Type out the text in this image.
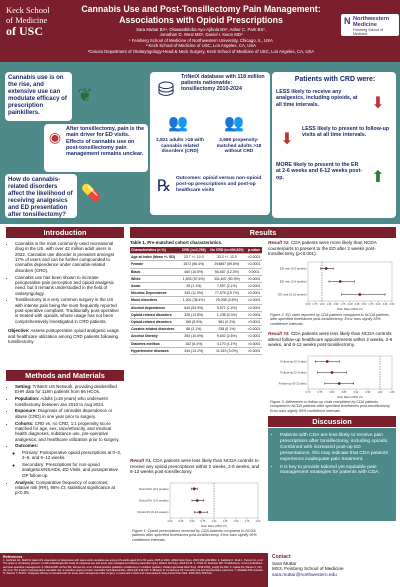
Keck School
of Medicine
of USC
Cannabis Use and Post-Tonsillectomy Pain Management:
Associations with Opioid Prescriptions
Sara Muttar BA¹, Oluwatobiloba Ayo-Ajibola BS², Asher C. Park BS²,
Jonathan D. West MD³, Daniel I. Kwon MD³
¹ Feinberg School of Medicine of Northwestern University, Chicago, IL, USA
² Keck School of Medicine of USC, Los Angeles, CA, USA
³Caruso Department of Otolaryngology-Head & Neck Surgery, Keck School of Medicine of USC, Los Angeles, CA, USA
N Northwestern Medicine
Feinberg School of Medicine
Cannabis use is on the rise, and extensive use can modulate efficacy of prescription painkillers.
❦
◉ After tonsillectomy, pain is the main driver for ED visits. Effects of cannabis use on post-tonsillectomy pain management remains unclear.
How do cannabis-related disorders affect the likelihood of receiving analgesics and ED presentation after tonsillectomy?
💊
⛁
TriNetX database with 118 million patients nationwide: tonsillectomy 2010-2024
👥	👥
2,821 adults >18 with cannabis related disorders (CRD)
2,695 propensity-matched adults >18 without CRD
℞ Outcomes: opioid versus non-opioid post-op prescriptions and post-op healthcare visits
Patients with CRD were:
LESS likely to receive any analgesics, including opioids, at all time intervals.	⬇
⬇
LESS likely to present to follow-up visits at all time intervals.
MORE likely to present to the ER at 2-6 weeks and 6-12 weeks post-op.	⬆
Introduction
• Cannabis is the most commonly used recreational drug in the US, with over 42 million adult users in 2022. Cannabis use disorder is prevalent amongst 17% of users and can be further compounded to cannabis dependence under cannabis-related disorders (CRD).
• Cannabis use has been shown to increase perioperative pain perception and opioid analgesic need, but it remains understudied in the field of otolaryngology.
• Tonsillectomy is a very common surgery in the US with intense pain being the most frequently reported post-operative complaint. Traditionally post-operative is treated with opioids, whose usage has not been comprehensively investigated in CRD patients.
Objective: Assess postoperative opioid analgesic usage and healthcare utilization among CRD patients following tonsillectomy.
Methods and Materials
• Setting: TriNetX US Network, providing deidentified EHR data for 118m patients from 66 HCOs.
• Population: Adults (≥18 years) who underwent tonsillectomy between Jan 2010 to Aug 2024.
• Exposure: Diagnosis of cannabis dependence or abuse (CRD) in one year prior to surgery.
• Cohorts: CRD vs. no CRD; 1:1 propensity score matched for age, sex, race/ethnicity, and medical health diagnoses, substance use, pre-operative analgesics, and healthcare utilization prior to surgery.
• Outcomes:
◦ Primary: Postoperative opioid prescriptions at 0–2, 2–6, and 6–12 weeks.
◦ Secondary: Prescriptions for non-opioid analgesics/NSAIDs, ED Visits, and postoperative OP follow-up.
• Analysis: Comparative frequency of outcomes; relative risk (RR), 95% CI; statistical significance at p<0.05.
Results
Table 1. Pre-matched cohort characteristics.
Characteristics (n %)	CRD (n=2,789)	No CRD (n=494,520)	p-value
Age at Index (Mean +/- SD)	23.7 +/- 10.0	33.2 +/- 12.0	<0.0001
Female	1572 (56.4%)	294867 (59.6%)	<0.0001
Black	460 (16.5%)	56,687 (12.3%)	0.0001
White	1,605 (57.6%)	331,647 (60.3%)	<0.0001
Asian	28 (1.1%)	7,597 (2.1%)	<0.0001
Nicotine Dependence	333 (11.9%)	77,575 (15.7%)	<0.0001
Mood disorders	1,001 (38.4%)	25,008 (3.5%)	<0.0001
Alcohol dependence	644 (53.9%)	5,572 (1.4%)	<0.0001
Opioid-related disorders	326 (13.8%)	1,238 (0.3%)	<0.0001
Opioid-related disorders	155 (5.9%)	581 (0.2%)	<0.0001
Cocaine-related disorders	88 (3.1%)	238 (0.1%)	<0.0001
Alcohol Obesity	283 (10.6%)	9,602 (2.6%)	<0.0001
Diabetes mellitus	162 (6.4%)	4,170 (1.1%)	<0.0001
Hypertensive diseases	344 (13.2%)	11,519 (3.0%)	<0.0001
Result #1. CDA patients were less likely than NCDA controls to receive any opioid prescriptions within 2 weeks, 2-6 weeks, and 6-12 weeks post-tonsillectomy.
0.00	0.25	0.50	0.75	1.00	1.25	1.50	1.75	2.00
Risk Ratio (95% CI)
Opioid Rx (0-2 weeks)
Opioid Rx (2-6 weeks)
Opioid Rx (6-12 weeks)
Figure 1. Opioid prescriptions received by CDA patients compared to NCDA patients after specified timeframes post-tonsillectomy. Error bars signify 95% confidence intervals.
Result #2. CDA patients were more likely than NCDA counterparts to present to the ED after 2 weeks post-tonsillectomy (p<0.001).
0.50 0.75 1.00 1.25 1.50 1.75 2.00 2.25 2.50 2.75 3.00 3.25 3.50
Risk Ratio (95% CI)
ED visit (0-2 weeks)
ED visit (2-6 weeks)
ED visit (6-12 weeks)
Figure 2. ED visits reported by CDA patients compared to NCDA patients after specified timeframes post-tonsillectomy. Error bars signify 95% confidence intervals.
Result #3. CDA patients were less likely than NCDA controls attend follow-up healthcare appointments within 2 weeks, 2-6 weeks, and 6-12 weeks post-tonsillectomy.
0.70	0.75	0.80	0.85	0.90	0.95	1.00	1.05
Risk Ratio (95% CI)
Follow-up (0-2 wks)
Follow-up (2-6 wks)
Follow-up (6-12 wks)
Figure 3. Adherence to follow-up visits completed by CDA patients compared to NCDA patients after specified timeframes post-tonsillectomy. Error bars signify 95% confidence intervals.
Discussion
• Patients with CDA are less likely to receive pain prescriptions after tonsillectomy, including opioids. Combined with increased post-op ED presentations, this may indicate that CDA patients experience inadequate pain treatment.
• It is key to provide tailored yet equitable pain management strategies for patients with CDA.
References
1. Gorfinkel LR, Stohl M, Hasin DS. Association of depression with past-month cannabis use among US adults aged 20 to 59 years, 2005 to 2016. JAMA Netw Open. 2020;3(8):e2013802. 2. Salottolo K, Peck L, Tanner li A, et al. The grass is not always greener: a multi-institutional pilot study of marijuana use and acute pain management following traumatic injury. Patient Saf Surg. 2018;12:16. 3. Chiao W, Seidman MD. Tonsillectomy: current indications and post-operative management. 4. Mitchell RB, Archer SM, Ishman SL, et al. Clinical practice guideline: tonsillectomy in children (update). Otolaryngol Head Neck Surg. 2019;160(1_suppl):S1-S42. 5. Ladha KS, Manoo V, Virji AF, et al. The impact of perioperative cannabis use: a narrative scoping review. Cannabis Cannabinoid Res. 2019;4(4):219-230. 6. Bhasker D, Kovacheva VP. Cannabis use and perioperative outcomes. 7. Abdallah FW, Hussain N, Weaver T, Brull R. Analgesic efficacy of cannabinoids for acute pain management after surgery: a systematic review and meta-analysis. Reg Anesth Pain Med. 2020;45(7):509-519.
Contact
Sara Muttar
MS3, Feinberg School of Medicine
sara.muttar@northwestern.edu
